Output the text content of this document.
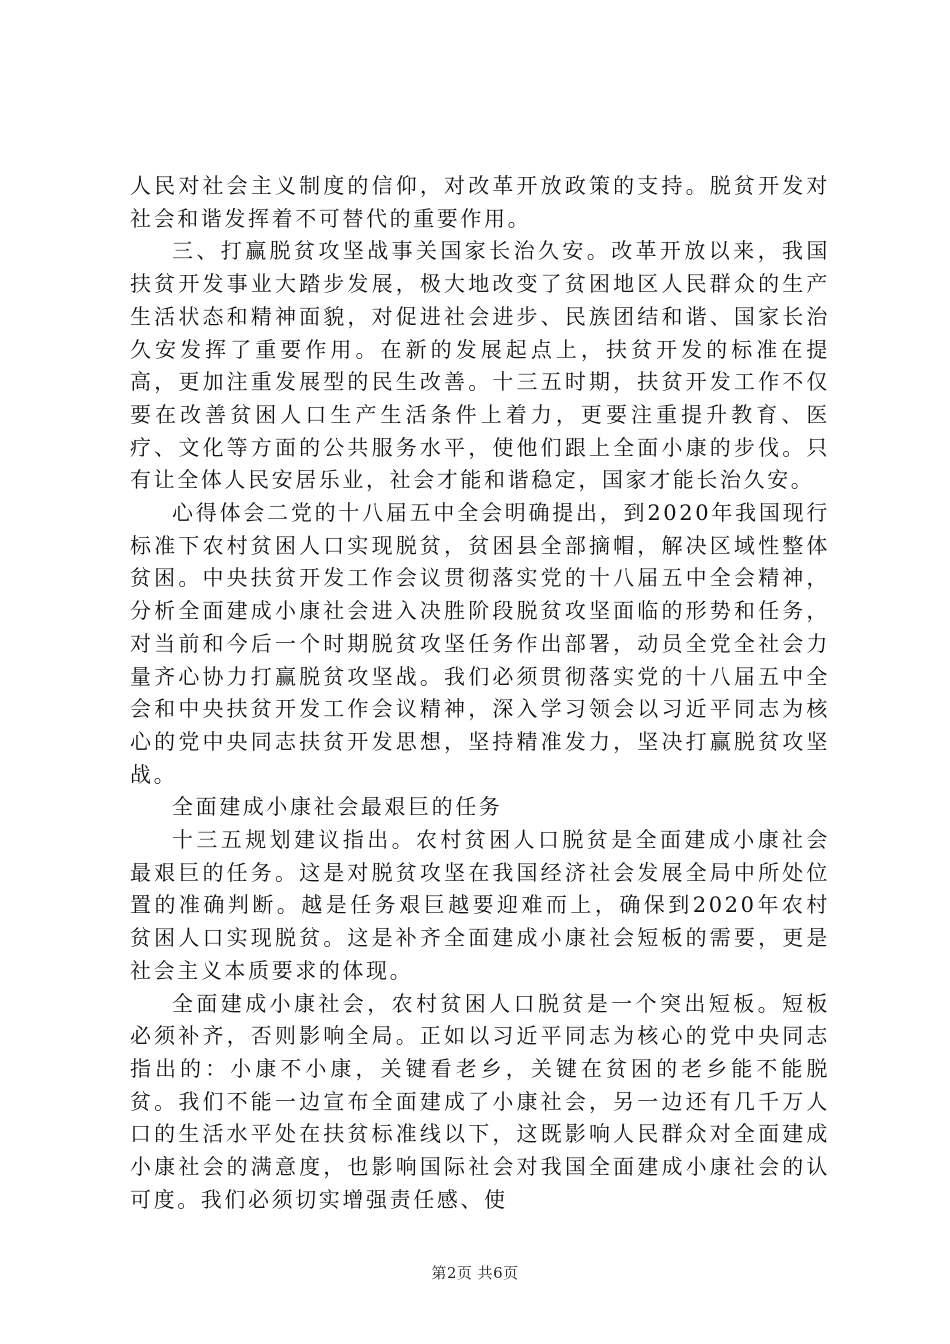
人民对社会主义制度的信仰，对改革开放政策的支持。脱贫开发对社会和谐发挥着不可替代的重要作用。

三、打赢脱贫攻坚战事关国家长治久安。改革开放以来，我国扶贫开发事业大踏步发展，极大地改变了贫困地区人民群众的生产生活状态和精神面貌，对促进社会进步、民族团结和谐、国家长治久安发挥了重要作用。在新的发展起点上，扶贫开发的标准在提高，更加注重发展型的民生改善。十三五时期，扶贫开发工作不仅要在改善贫困人口生产生活条件上着力，更要注重提升教育、医疗、文化等方面的公共服务水平，使他们跟上全面小康的步伐。只有让全体人民安居乐业，社会才能和谐稳定，国家才能长治久安。

心得体会二党的十八届五中全会明确提出，到2020年我国现行标准下农村贫困人口实现脱贫，贫困县全部摘帽，解决区域性整体贫困。中央扶贫开发工作会议贯彻落实党的十八届五中全会精神，分析全面建成小康社会进入决胜阶段脱贫攻坚面临的形势和任务，对当前和今后一个时期脱贫攻坚任务作出部署，动员全党全社会力量齐心协力打赢脱贫攻坚战。我们必须贯彻落实党的十八届五中全会和中央扶贫开发工作会议精神，深入学习领会以习近平同志为核心的党中央同志扶贫开发思想，坚持精准发力，坚决打赢脱贫攻坚战。

全面建成小康社会最艰巨的任务

十三五规划建议指出。农村贫困人口脱贫是全面建成小康社会最艰巨的任务。这是对脱贫攻坚在我国经济社会发展全局中所处位置的准确判断。越是任务艰巨越要迎难而上，确保到2020年农村贫困人口实现脱贫。这是补齐全面建成小康社会短板的需要，更是社会主义本质要求的体现。

全面建成小康社会，农村贫困人口脱贫是一个突出短板。短板必须补齐，否则影响全局。正如以习近平同志为核心的党中央同志指出的：小康不小康，关键看老乡，关键在贫困的老乡能不能脱贫。我们不能一边宣布全面建成了小康社会，另一边还有几千万人口的生活水平处在扶贫标准线以下，这既影响人民群众对全面建成小康社会的满意度，也影响国际社会对我国全面建成小康社会的认可度。我们必须切实增强责任感、使

第2页 共6页
